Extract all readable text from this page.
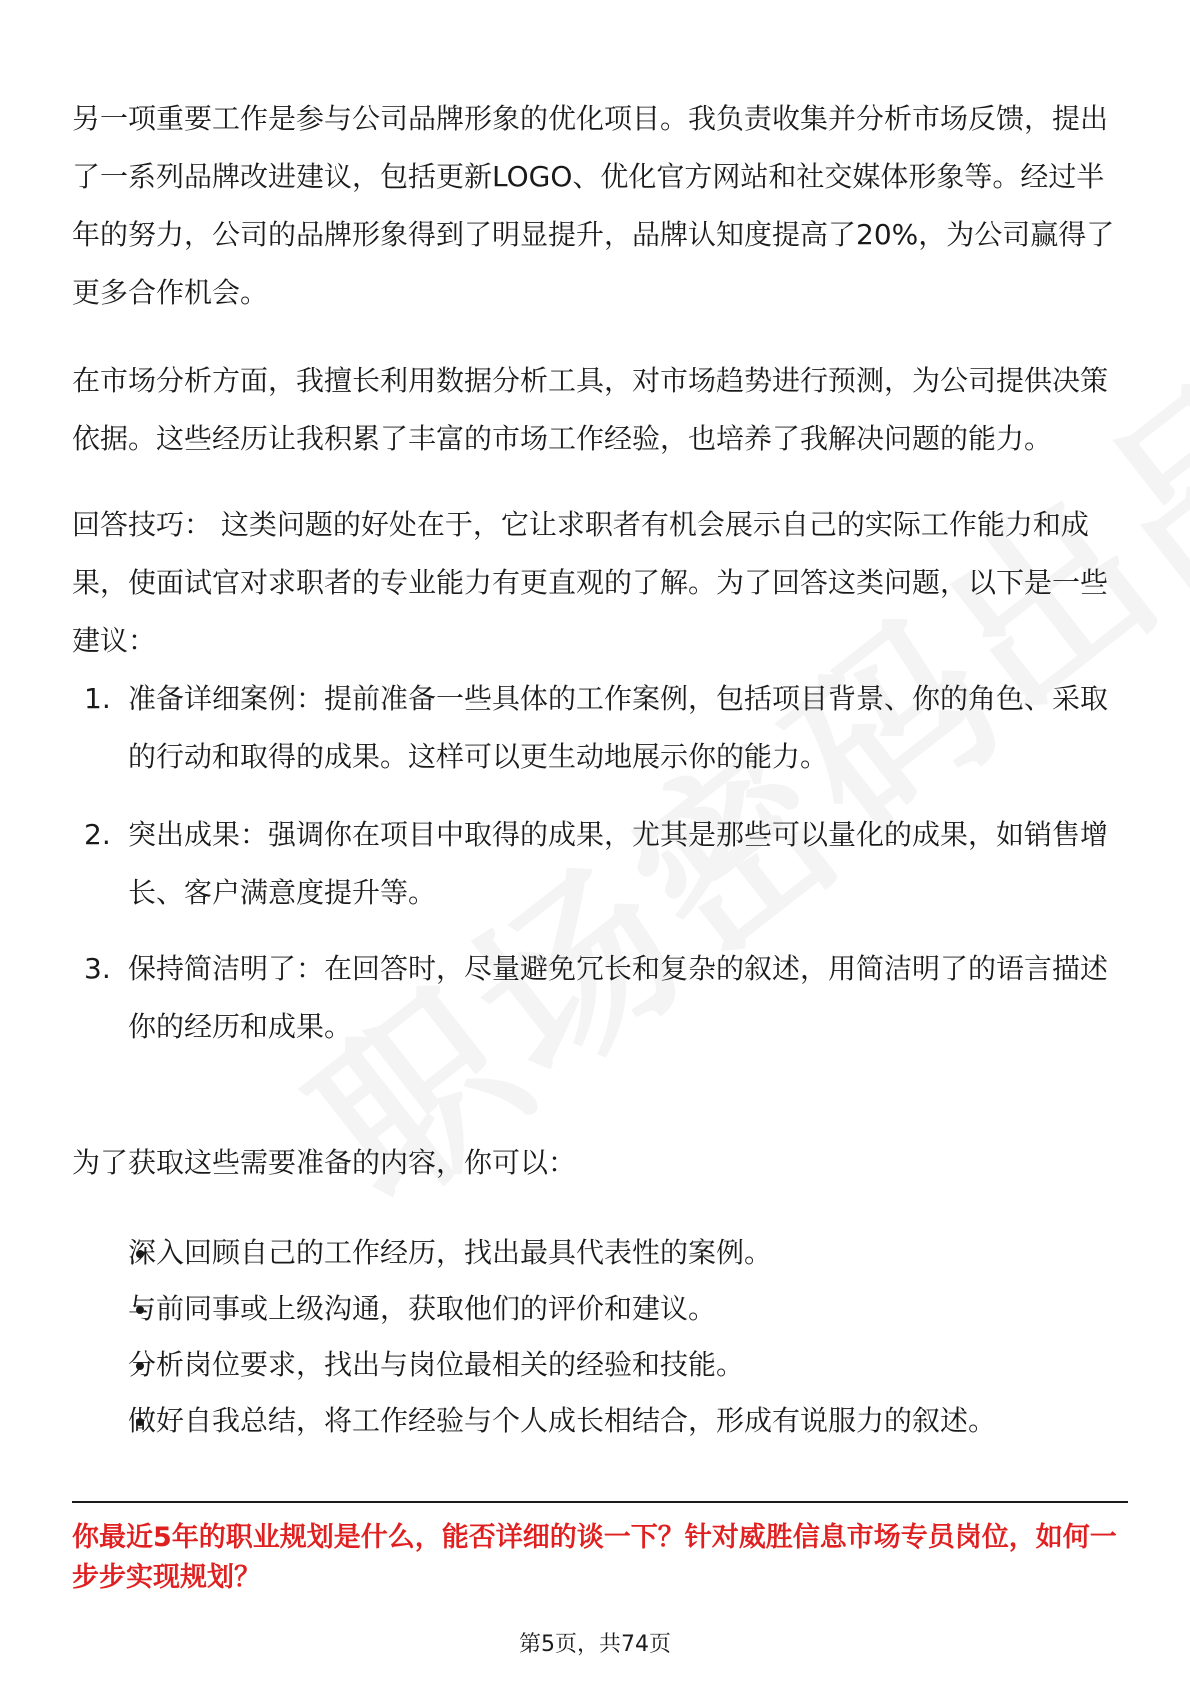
另一项重要工作是参与公司品牌形象的优化项目。我负责收集并分析市场反馈，提出了一系列品牌改进建议，包括更新LOGO、优化官方网站和社交媒体形象等。经过半年的努力，公司的品牌形象得到了明显提升，品牌认知度提高了20%，为公司赢得了更多合作机会。

在市场分析方面，我擅长利用数据分析工具，对市场趋势进行预测，为公司提供决策依据。这些经历让我积累了丰富的市场工作经验，也培养了我解决问题的能力。

回答技巧： 这类问题的好处在于，它让求职者有机会展示自己的实际工作能力和成果，使面试官对求职者的专业能力有更直观的了解。为了回答这类问题，以下是一些建议：

1. 准备详细案例：提前准备一些具体的工作案例，包括项目背景、你的角色、采取的行动和取得的成果。这样可以更生动地展示你的能力。
2. 突出成果：强调你在项目中取得的成果，尤其是那些可以量化的成果，如销售增长、客户满意度提升等。
3. 保持简洁明了：在回答时，尽量避免冗长和复杂的叙述，用简洁明了的语言描述你的经历和成果。

为了获取这些需要准备的内容，你可以：

深入回顾自己的工作经历，找出最具代表性的案例。
与前同事或上级沟通，获取他们的评价和建议。
分析岗位要求，找出与岗位最相关的经验和技能。
做好自我总结，将工作经验与个人成长相结合，形成有说服力的叙述。

你最近5年的职业规划是什么，能否详细的谈一下？针对威胜信息市场专员岗位，如何一步步实现规划？

第5页，共74页
